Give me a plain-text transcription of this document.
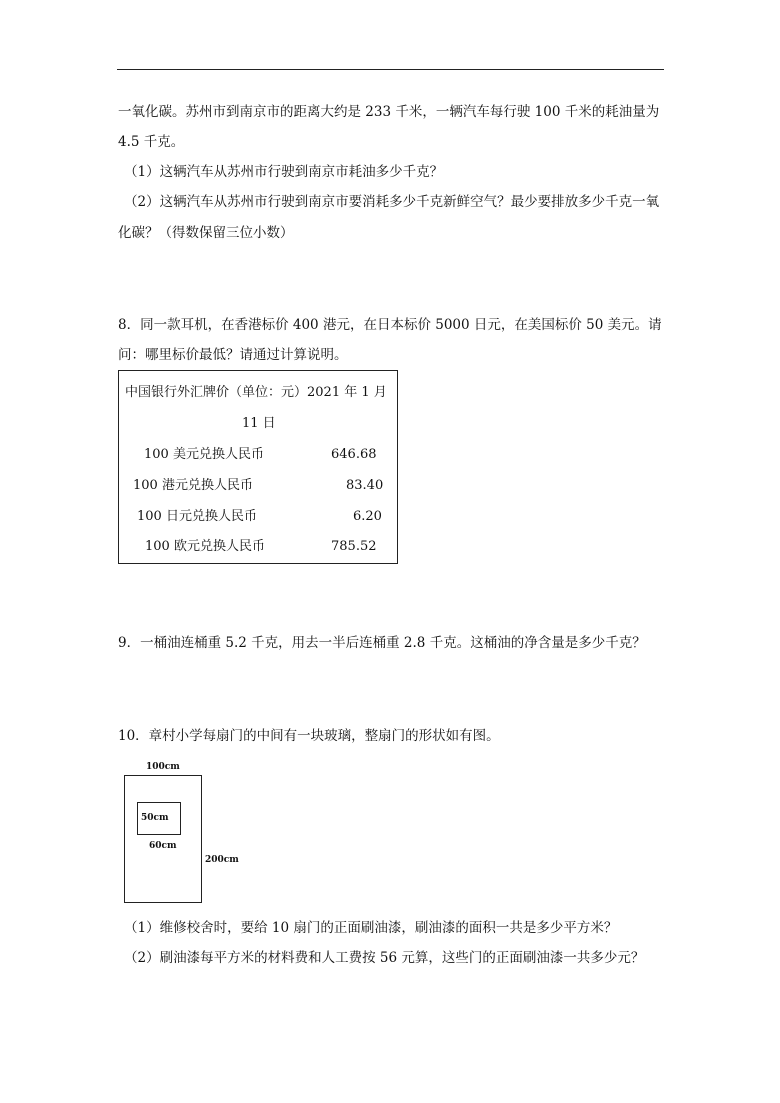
一氧化碳。苏州市到南京市的距离大约是 233 千米，一辆汽车每行驶 100 千米的耗油量为
4.5 千克。
（1）这辆汽车从苏州市行驶到南京市耗油多少千克？
（2）这辆汽车从苏州市行驶到南京市要消耗多少千克新鲜空气？最少要排放多少千克一氧
化碳？（得数保留三位小数）
8．同一款耳机，在香港标价 400 港元，在日本标价 5000 日元，在美国标价 50 美元。请
问：哪里标价最低？请通过计算说明。
中国银行外汇牌价（单位：元）2021 年 1 月
11 日
100 美元兑换人民币	646.68
100 港元兑换人民币	83.40
100 日元兑换人民币	6.20
100 欧元兑换人民币	785.52
9．一桶油连桶重 5.2 千克，用去一半后连桶重 2.8 千克。这桶油的净含量是多少千克？
10．章村小学每扇门的中间有一块玻璃，整扇门的形状如有图。
100cm
50cm
60cm
200cm
（1）维修校舍时，要给 10 扇门的正面刷油漆，刷油漆的面积一共是多少平方米？
（2）刷油漆每平方米的材料费和人工费按 56 元算，这些门的正面刷油漆一共多少元？
